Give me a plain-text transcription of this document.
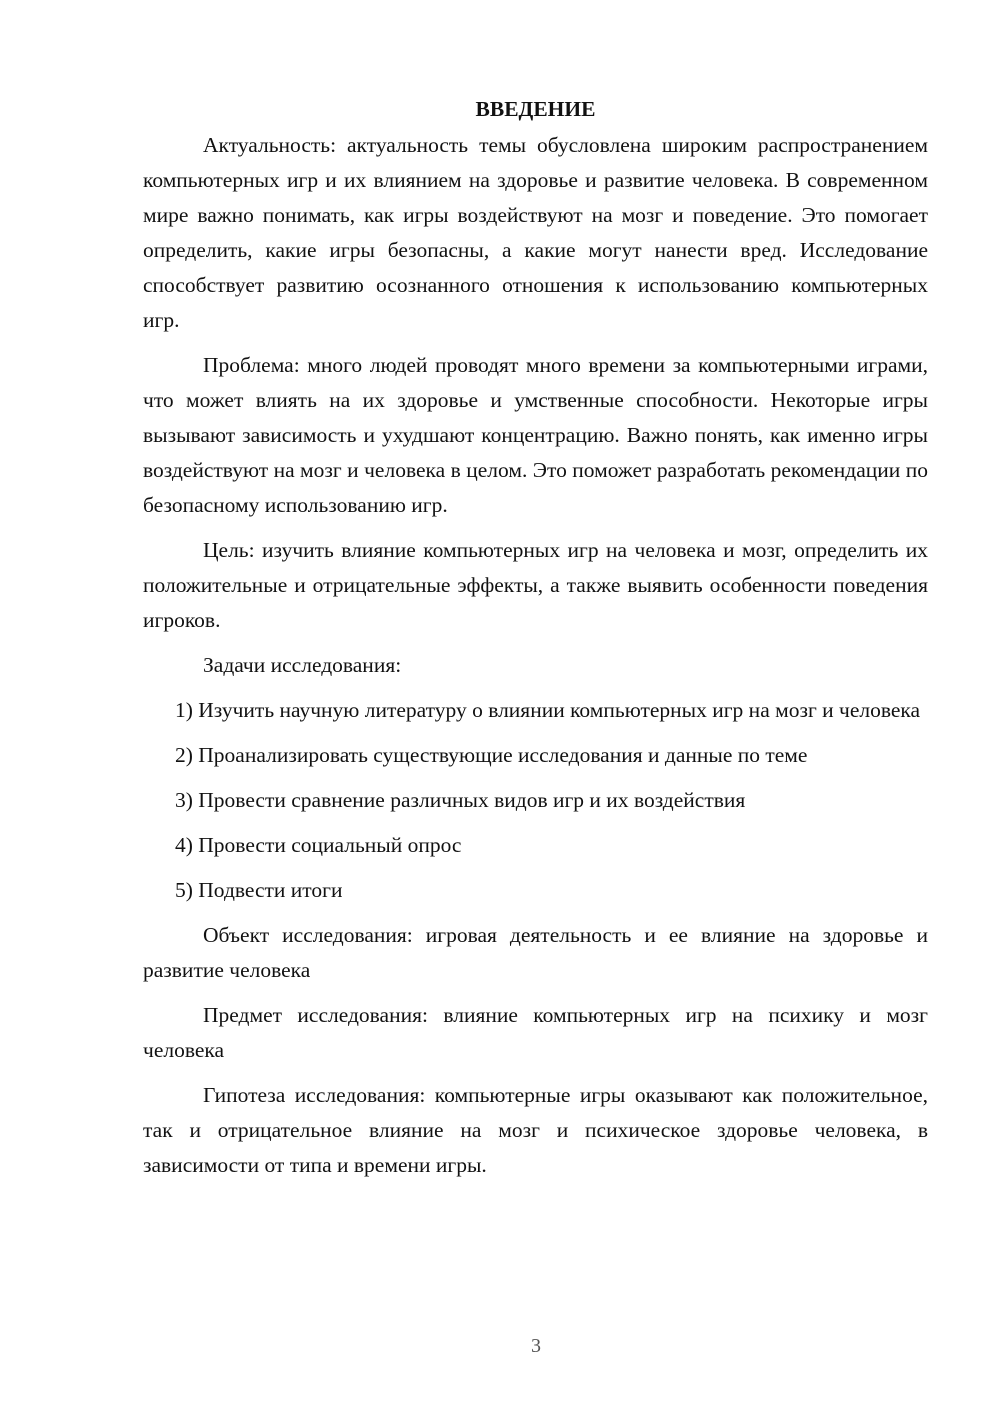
ВВЕДЕНИЕ

Актуальность: актуальность темы обусловлена широким распространением компьютерных игр и их влиянием на здоровье и развитие человека. В современном мире важно понимать, как игры воздействуют на мозг и поведение. Это помогает определить, какие игры безопасны, а какие могут нанести вред. Исследование способствует развитию осознанного отношения к использованию компьютерных игр.

Проблема: много людей проводят много времени за компьютерными играми, что может влиять на их здоровье и умственные способности. Некоторые игры вызывают зависимость и ухудшают концентрацию. Важно понять, как именно игры воздействуют на мозг и человека в целом. Это поможет разработать рекомендации по безопасному использованию игр.

Цель: изучить влияние компьютерных игр на человека и мозг, определить их положительные и отрицательные эффекты, а также выявить особенности поведения игроков.

Задачи исследования:

1) Изучить научную литературу о влиянии компьютерных игр на мозг и человека

2) Проанализировать существующие исследования и данные по теме

3) Провести сравнение различных видов игр и их воздействия

4) Провести социальный опрос

5) Подвести итоги

Объект исследования: игровая деятельность и ее влияние на здоровье и развитие человека

Предмет исследования: влияние компьютерных игр на психику и мозг человека

Гипотеза исследования: компьютерные игры оказывают как положительное, так и отрицательное влияние на мозг и психическое здоровье человека, в зависимости от типа и времени игры.

3
